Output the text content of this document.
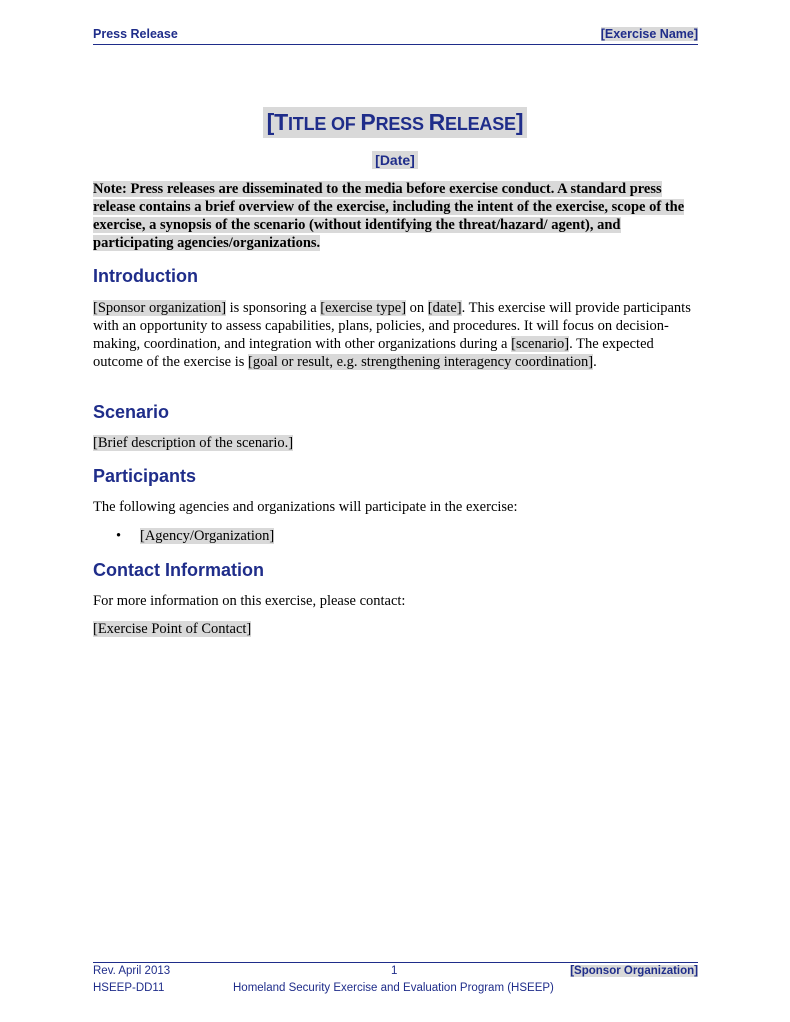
Press Release	[Exercise Name]
[TITLE OF PRESS RELEASE]
[Date]
Note: Press releases are disseminated to the media before exercise conduct. A standard press release contains a brief overview of the exercise, including the intent of the exercise, scope of the exercise, a synopsis of the scenario (without identifying the threat/hazard/ agent), and participating agencies/organizations.
Introduction
[Sponsor organization] is sponsoring a [exercise type] on [date]. This exercise will provide participants with an opportunity to assess capabilities, plans, policies, and procedures. It will focus on decision-making, coordination, and integration with other organizations during a [scenario]. The expected outcome of the exercise is [goal or result, e.g. strengthening interagency coordination].
Scenario
[Brief description of the scenario.]
Participants
The following agencies and organizations will participate in the exercise:
• [Agency/Organization]
Contact Information
For more information on this exercise, please contact:
[Exercise Point of Contact]
Rev. April 2013	1	[Sponsor Organization]
HSEEP-DD11	Homeland Security Exercise and Evaluation Program (HSEEP)
